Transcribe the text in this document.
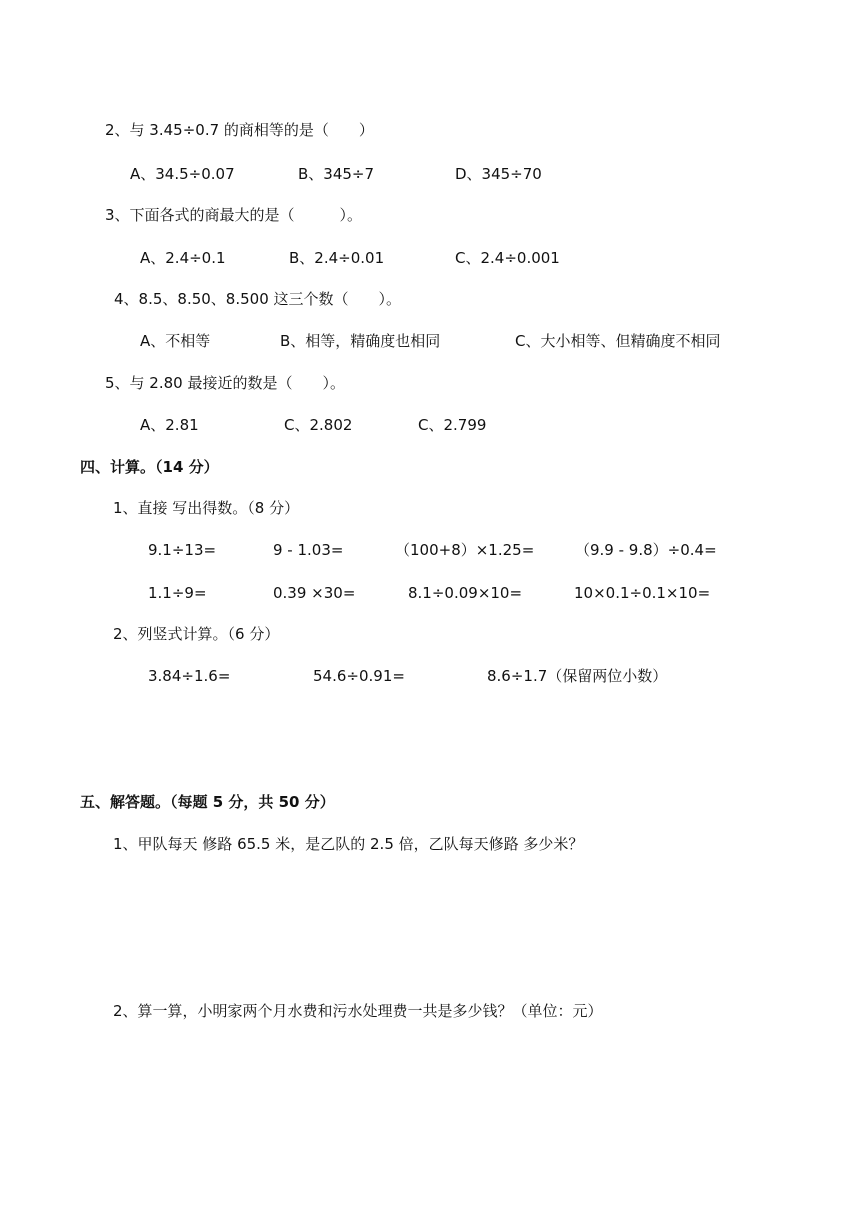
2、与 3.45÷0.7 的商相等的是（　　）
A、34.5÷0.07	B、345÷7	D、345÷70
3、下面各式的商最大的是（　　　）。
A、2.4÷0.1	B、2.4÷0.01	C、2.4÷0.001
4、8.5、8.50、8.500 这三个数（　　）。
A、不相等	B、相等，精确度也相同	C、大小相等、但精确度不相同
5、与 2.80 最接近的数是（　　）。
A、2.81	C、2.802	C、2.799
四、计算。（14 分）
1、直接 写出得数。（8 分）
9.1÷13=	9 - 1.03=	（100+8）×1.25=	（9.9 - 9.8）÷0.4=
1.1÷9=	0.39 ×30=	8.1÷0.09×10=	10×0.1÷0.1×10=
2、列竖式计算。（6 分）
3.84÷1.6=	54.6÷0.91=	8.6÷1.7（保留两位小数）
五、解答题。（每题 5 分，共 50 分）
1、甲队每天 修路 65.5 米，是乙队的 2.5 倍，乙队每天修路 多少米？
2、算一算，小明家两个月水费和污水处理费一共是多少钱？（单位：元）
